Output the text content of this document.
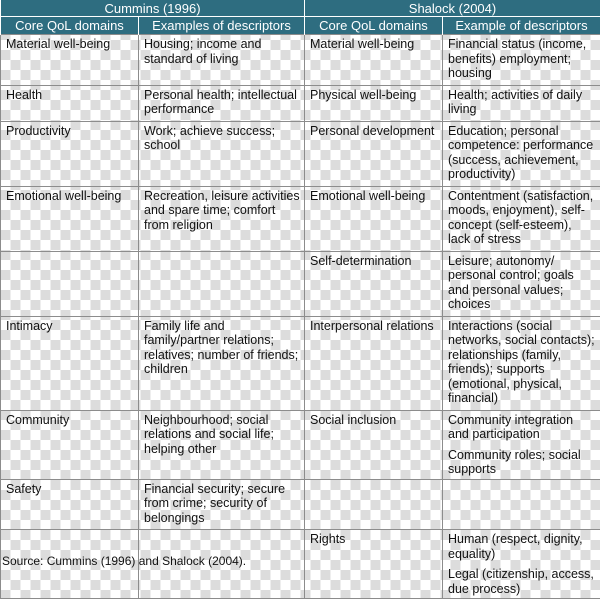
Cummins (1996)		Shalock (2004)	
Core QoL domains	Examples of descriptors	Core QoL domains	Example of descriptors
Material well-being	Housing; income and standard of living	Material well-being	Financial status (income, benefits) employment; housing
Health	Personal health; intellectual performance	Physical well-being	Health; activities of daily living
Productivity	Work; achieve success; school	Personal development	Education; personal competence: performance (success, achievement, productivity)
Emotional well-being	Recreation, leisure activities and spare time; comfort from religion	Emotional well-being	Contentment (satisfaction, moods, enjoyment), self-concept (self-esteem), lack of stress
		Self-determination	Leisure; autonomy/ personal control; goals and personal values; choices
Intimacy	Family life and family/partner relations; relatives; number of friends; children	Interpersonal relations	Interactions (social networks, social contacts); relationships (family, friends); supports (emotional, physical, financial)
Community	Neighbourhood; social relations and social life; helping other	Social inclusion	Community integration and participation
Community roles; social supports

Safety	Financial security; secure from crime; security of belongings		
		Rights	Human (respect, dignity, equality)
Legal (citizenship, access, due process)
Source: Cummins (1996) and Shalock (2004).
